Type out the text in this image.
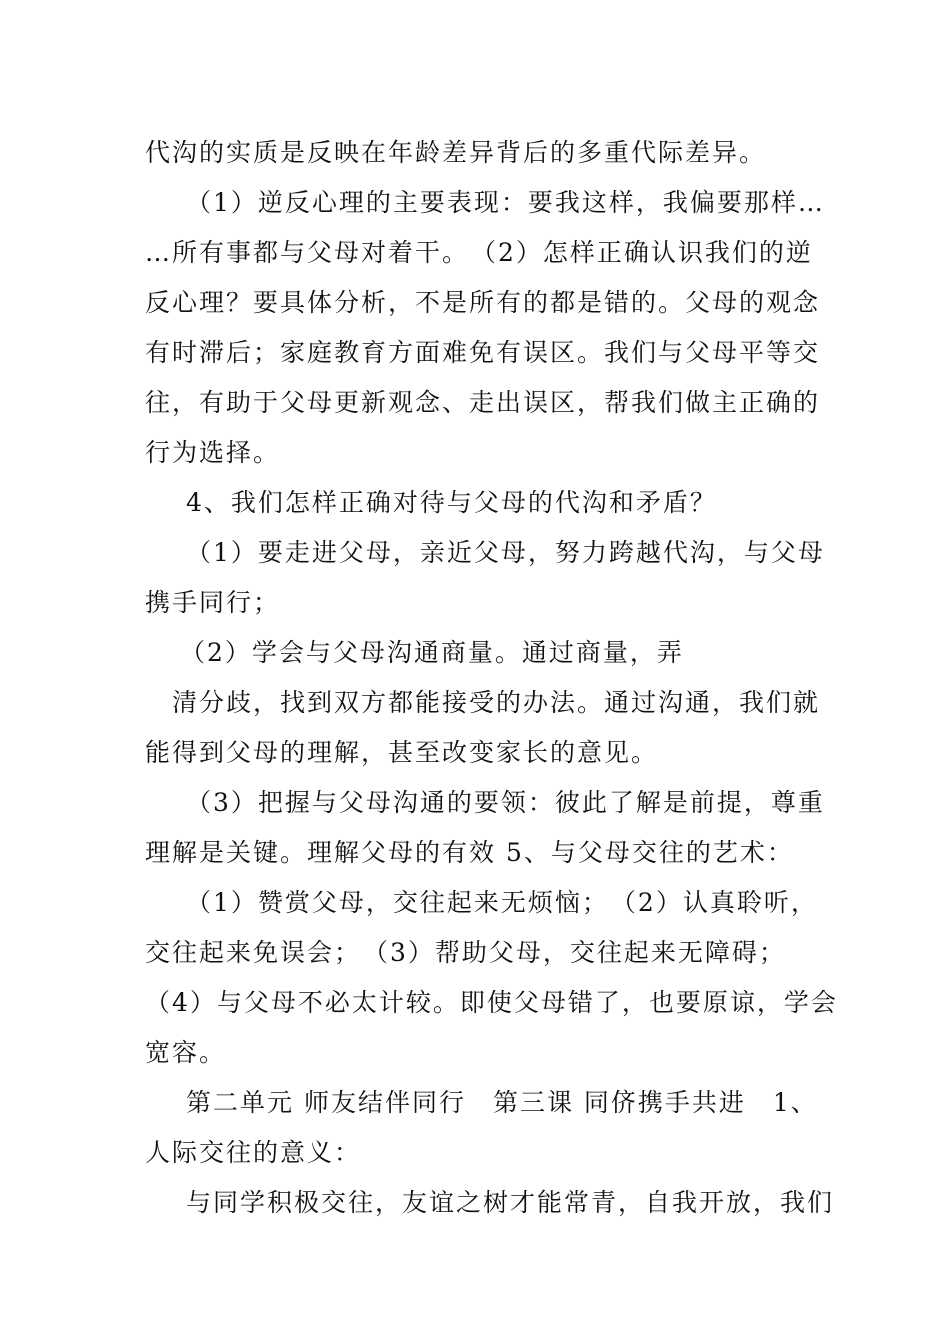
代沟的实质是反映在年龄差异背后的多重代际差异。
（1）逆反心理的主要表现：要我这样，我偏要那样…
…所有事都与父母对着干。　（2）怎样正确认识我们的逆
反心理？要具体分析，不是所有的都是错的。父母的观念
有时滞后；家庭教育方面难免有误区。我们与父母平等交
往，有助于父母更新观念、走出误区，帮我们做主正确的
行为选择。
4、我们怎样正确对待与父母的代沟和矛盾？
（1）要走进父母，亲近父母，努力跨越代沟，与父母
携手同行；
（2）学会与父母沟通商量。通过商量，弄
清分歧，找到双方都能接受的办法。通过沟通，我们就
能得到父母的理解，甚至改变家长的意见。
（3）把握与父母沟通的要领：彼此了解是前提，尊重
理解是关键。理解父母的有效 5、与父母交往的艺术：
（1）赞赏父母，交往起来无烦恼；　（2）认真聆听，
交往起来免误会；　（3）帮助父母，交往起来无障碍；
（4）与父母不必太计较。即使父母错了，也要原谅，学会
宽容。
第二单元 师友结伴同行　第三课 同侪携手共进　1、
人际交往的意义：
与同学积极交往，友谊之树才能常青，自我开放，我们
